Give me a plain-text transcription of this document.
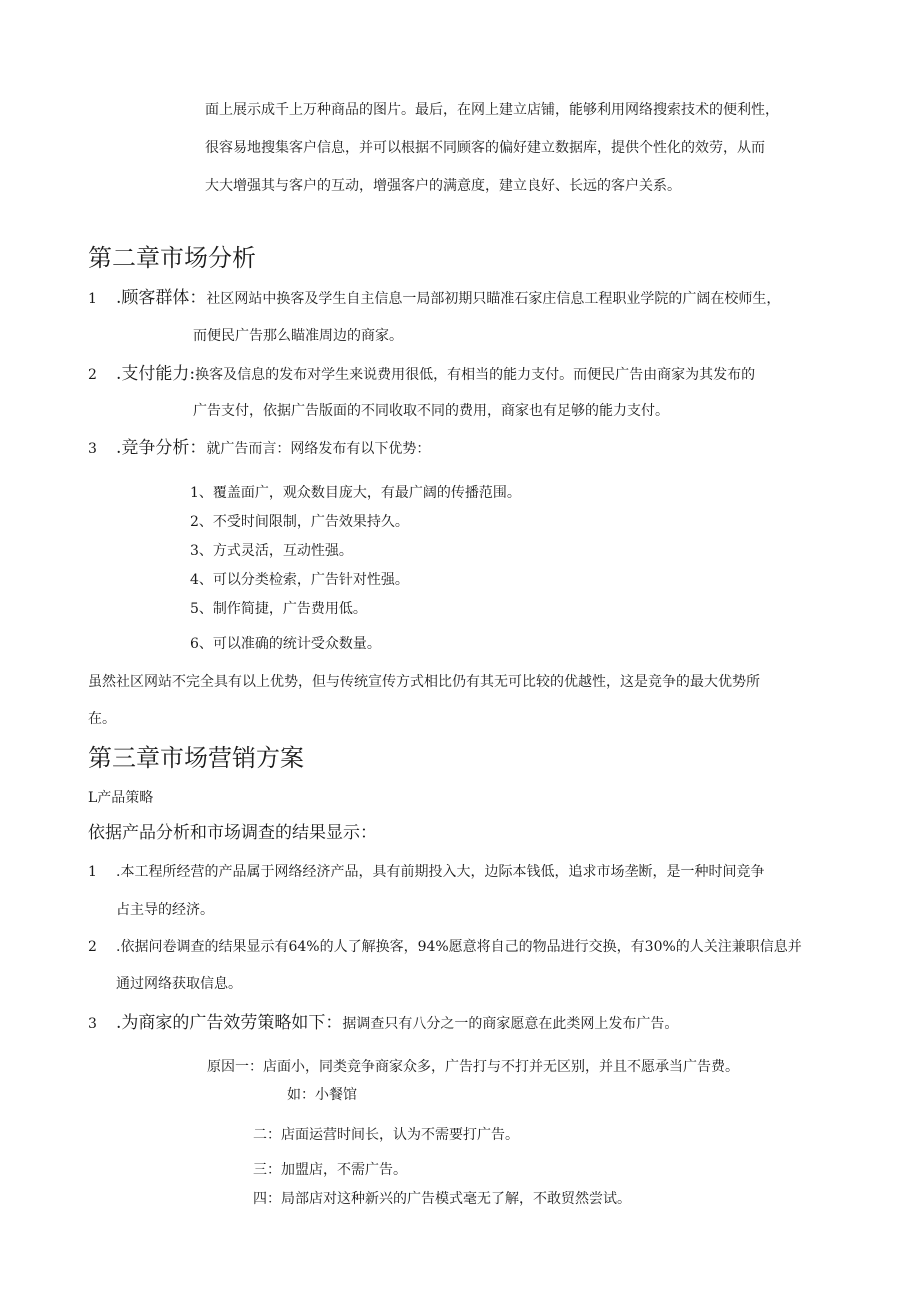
面上展示成千上万种商品的图片。最后，在网上建立店铺，能够利用网络搜索技术的便利性，
很容易地搜集客户信息，并可以根据不同顾客的偏好建立数据库，提供个性化的效劳，从而
大大增强其与客户的互动，增强客户的满意度，建立良好、长远的客户关系。
第二章市场分析
1 .顾客群体：社区网站中换客及学生自主信息一局部初期只瞄准石家庄信息工程职业学院的广阔在校师生，
而便民广告那么瞄准周边的商家。
2 .支付能力:换客及信息的发布对学生来说费用很低，有相当的能力支付。而便民广告由商家为其发布的
广告支付，依据广告版面的不同收取不同的费用，商家也有足够的能力支付。
3 .竞争分析：就广告而言：网络发布有以下优势：
1、覆盖面广，观众数目庞大，有最广阔的传播范围。
2、不受时间限制，广告效果持久。
3、方式灵活，互动性强。
4、可以分类检索，广告针对性强。
5、制作简捷，广告费用低。
6、可以准确的统计受众数量。
虽然社区网站不完全具有以上优势，但与传统宣传方式相比仍有其无可比较的优越性，这是竞争的最大优势所
在。
第三章市场营销方案
L产品策略
依据产品分析和市场调查的结果显示：
1 .本工程所经营的产品属于网络经济产品，具有前期投入大，边际本钱低，追求市场垄断，是一种时间竞争
占主导的经济。
2 .依据问卷调查的结果显示有64%的人了解换客，94%愿意将自己的物品进行交换，有30%的人关注兼职信息并
通过网络获取信息。
3 .为商家的广告效劳策略如下：据调查只有八分之一的商家愿意在此类网上发布广告。
原因一：店面小，同类竞争商家众多，广告打与不打并无区别，并且不愿承当广告费。
如：小餐馆
二：店面运营时间长，认为不需要打广告。
三：加盟店，不需广告。
四：局部店对这种新兴的广告模式毫无了解，不敢贸然尝试。
